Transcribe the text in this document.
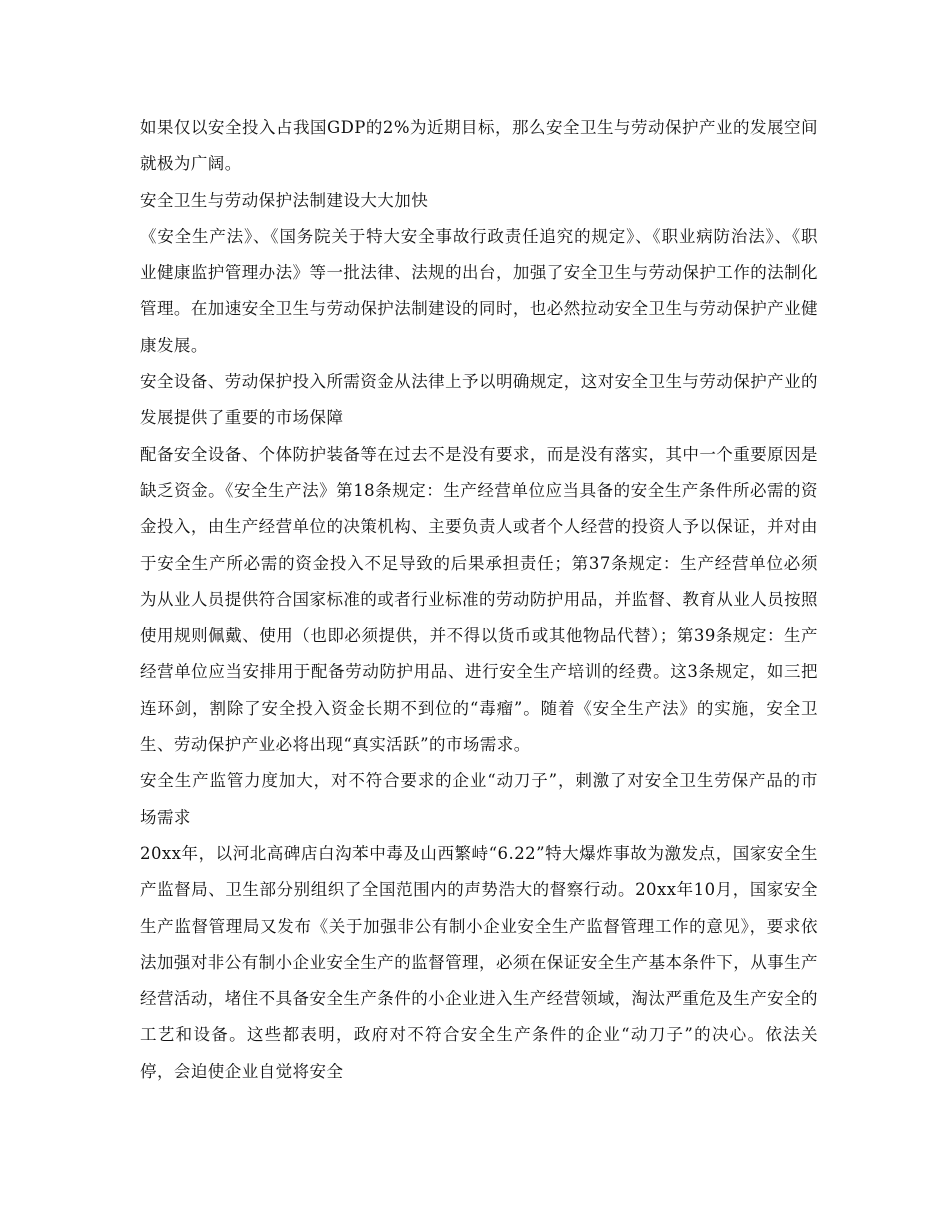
如果仅以安全投入占我国GDP的2%为近期目标，那么安全卫生与劳动保护产业的发展空间就极为广阔。

安全卫生与劳动保护法制建设大大加快

《安全生产法》、《国务院关于特大安全事故行政责任追究的规定》、《职业病防治法》、《职业健康监护管理办法》等一批法律、法规的出台，加强了安全卫生与劳动保护工作的法制化管理。在加速安全卫生与劳动保护法制建设的同时，也必然拉动安全卫生与劳动保护产业健康发展。

安全设备、劳动保护投入所需资金从法律上予以明确规定，这对安全卫生与劳动保护产业的发展提供了重要的市场保障

配备安全设备、个体防护装备等在过去不是没有要求，而是没有落实，其中一个重要原因是缺乏资金。《安全生产法》第18条规定：生产经营单位应当具备的安全生产条件所必需的资金投入，由生产经营单位的决策机构、主要负责人或者个人经营的投资人予以保证，并对由于安全生产所必需的资金投入不足导致的后果承担责任；第37条规定：生产经营单位必须为从业人员提供符合国家标准的或者行业标准的劳动防护用品，并监督、教育从业人员按照使用规则佩戴、使用（也即必须提供，并不得以货币或其他物品代替）；第39条规定：生产经营单位应当安排用于配备劳动防护用品、进行安全生产培训的经费。这3条规定，如三把连环剑，割除了安全投入资金长期不到位的“毒瘤”。随着《安全生产法》的实施，安全卫生、劳动保护产业必将出现“真实活跃”的市场需求。

安全生产监管力度加大，对不符合要求的企业“动刀子”，刺激了对安全卫生劳保产品的市场需求

20xx年，以河北高碑店白沟苯中毒及山西繁峙“6.22”特大爆炸事故为激发点，国家安全生产监督局、卫生部分别组织了全国范围内的声势浩大的督察行动。20xx年10月，国家安全生产监督管理局又发布《关于加强非公有制小企业安全生产监督管理工作的意见》，要求依法加强对非公有制小企业安全生产的监督管理，必须在保证安全生产基本条件下，从事生产经营活动，堵住不具备安全生产条件的小企业进入生产经营领域，淘汰严重危及生产安全的工艺和设备。这些都表明，政府对不符合安全生产条件的企业“动刀子”的决心。依法关停，会迫使企业自觉将安全
